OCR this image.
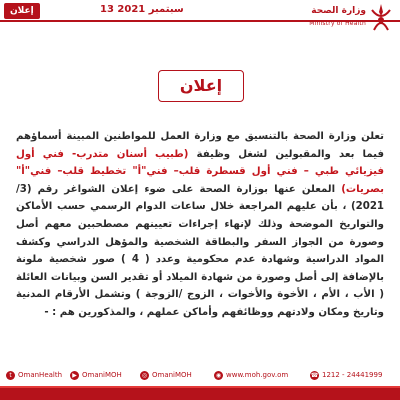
إعلان	13 سبتمبر 2021	وزارة الصحة
Ministry of Health
إعلان
تعلن وزارة الصحة بالتنسيق مع وزارة العمل للمواطنين المبينة أسماؤهم فيما بعد والمقبولين لشغل وظيفة (طبيب أسنان متدرب- فني أول فيزيائي طبي – فني أول قسطرة قلب– فني"أ" تخطيط قلب– فني"أ" بصريات) المعلن عنها بوزارة الصحة على ضوء إعلان الشواغر رقم (3/ 2021) ، بأن عليهم المراجعة خلال ساعات الدوام الرسمي حسب الأماكن والتواريخ الموضحة وذلك لإنهاء إجراءات تعيينهم مصطحبين معهم أصل وصورة من الجواز السفر والبطاقة الشخصية والمؤهل الدراسي وكشف المواد الدراسية وشهادة عدم محكومية وعدد ( 4 ) صور شخصية ملونة بالإضافة إلى أصل وصورة من شهادة الميلاد أو تقدير السن وبيانات العائلة ( الأب ، الأم ، الأخوة والأخوات ، الزوج /الزوجة ) وتشمل الأرقام المدنية وتاريخ ومكان ولادتهم ووظائفهم وأماكن عملهم ، والمذكورين هم : -
t OmanHealth	▶ OmaniMOH	◎ OmaniMOH	◉ www.moh.gov.om	☎ 1212 - 24441999
